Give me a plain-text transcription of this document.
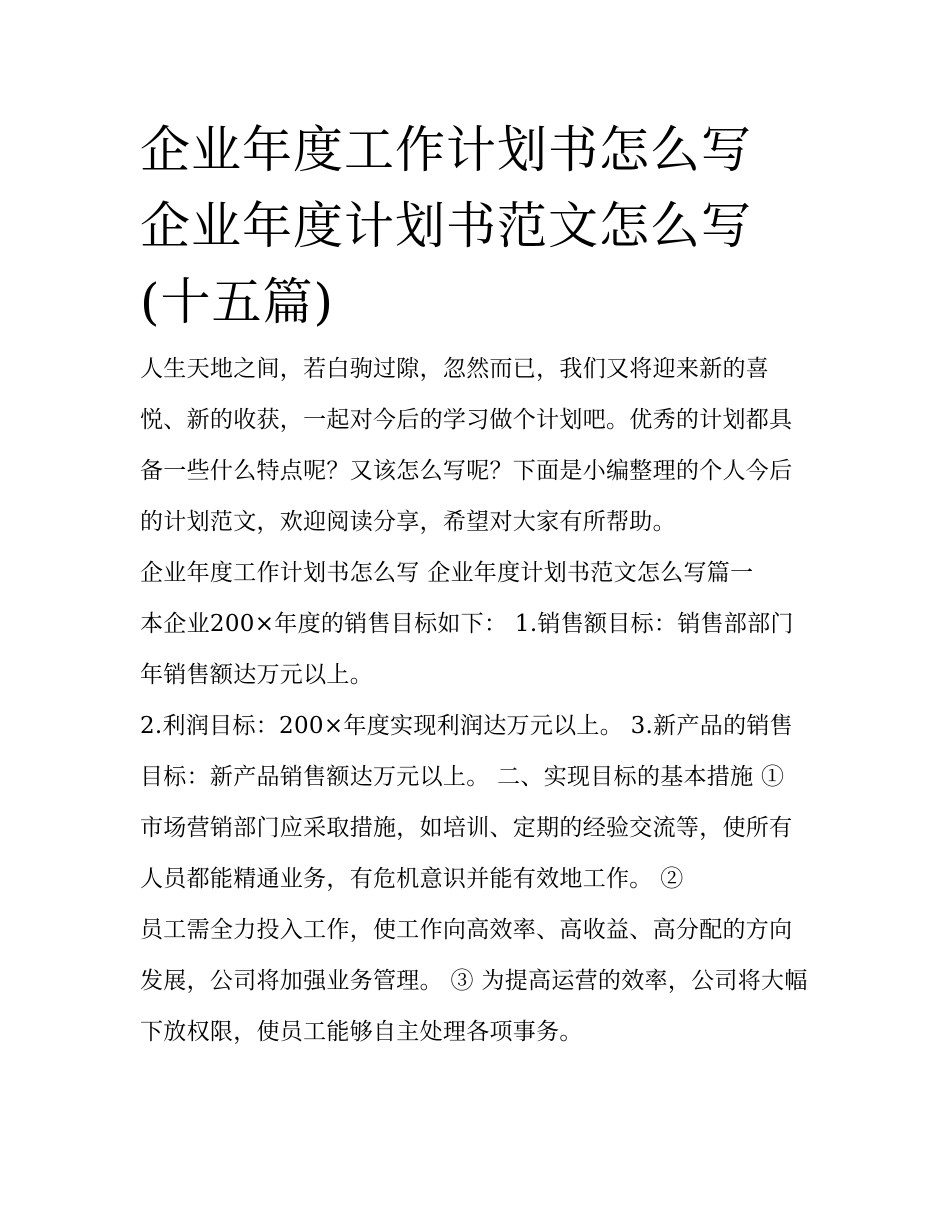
企业年度工作计划书怎么写 企业年度计划书范文怎么写(十五篇)

人生天地之间，若白驹过隙，忽然而已，我们又将迎来新的喜悦、新的收获，一起对今后的学习做个计划吧。优秀的计划都具备一些什么特点呢？又该怎么写呢？下面是小编整理的个人今后的计划范文，欢迎阅读分享，希望对大家有所帮助。

企业年度工作计划书怎么写 企业年度计划书范文怎么写篇一

本企业200×年度的销售目标如下： 1.销售额目标：销售部部门年销售额达万元以上。

2.利润目标：200×年度实现利润达万元以上。 3.新产品的销售目标：新产品销售额达万元以上。 二、实现目标的基本措施 ①

市场营销部门应采取措施，如培训、定期的经验交流等，使所有人员都能精通业务，有危机意识并能有效地工作。 ②

员工需全力投入工作，使工作向高效率、高收益、高分配的方向发展，公司将加强业务管理。 ③ 为提高运营的效率，公司将大幅下放权限，使员工能够自主处理各项事务。
